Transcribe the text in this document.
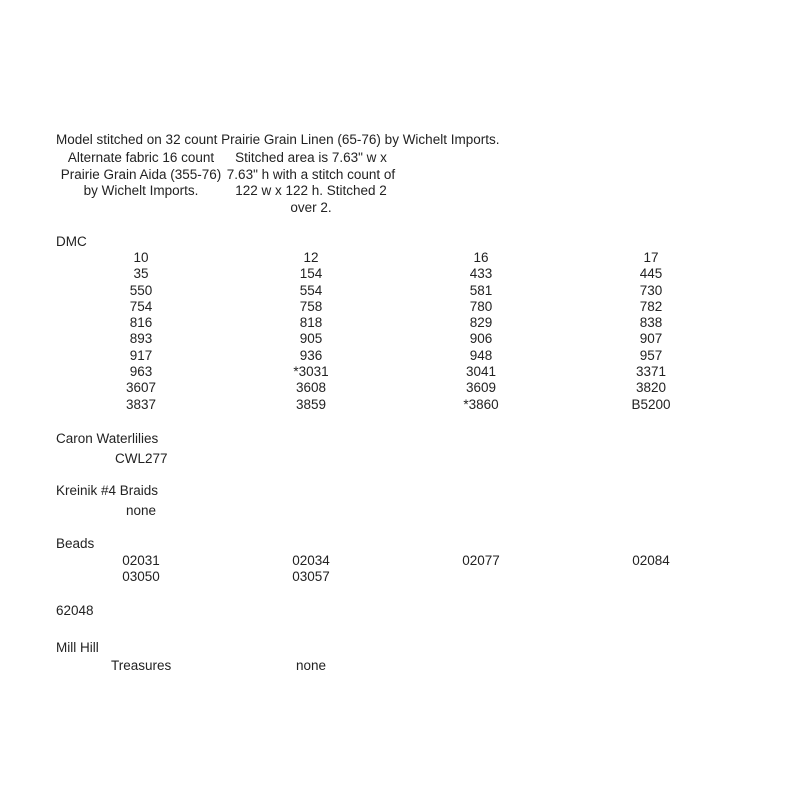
Model stitched on 32 count Prairie Grain Linen (65-76) by Wichelt Imports.
Alternate fabric 16 count Prairie Grain Aida (355-76) by Wichelt Imports.
Stitched area is 7.63" w x 7.63" h with a stitch count of 122 w x 122 h. Stitched 2 over 2.
DMC
10	12	16	17
35	154	433	445
550	554	581	730
754	758	780	782
816	818	829	838
893	905	906	907
917	936	948	957
963	*3031	3041	3371
3607	3608	3609	3820
3837	3859	*3860	B5200
Caron Waterlilies
CWL277
Kreinik #4 Braids
none
Beads
02031	02034	02077	02084
03050	03057
62048
Mill Hill
Treasures	none
